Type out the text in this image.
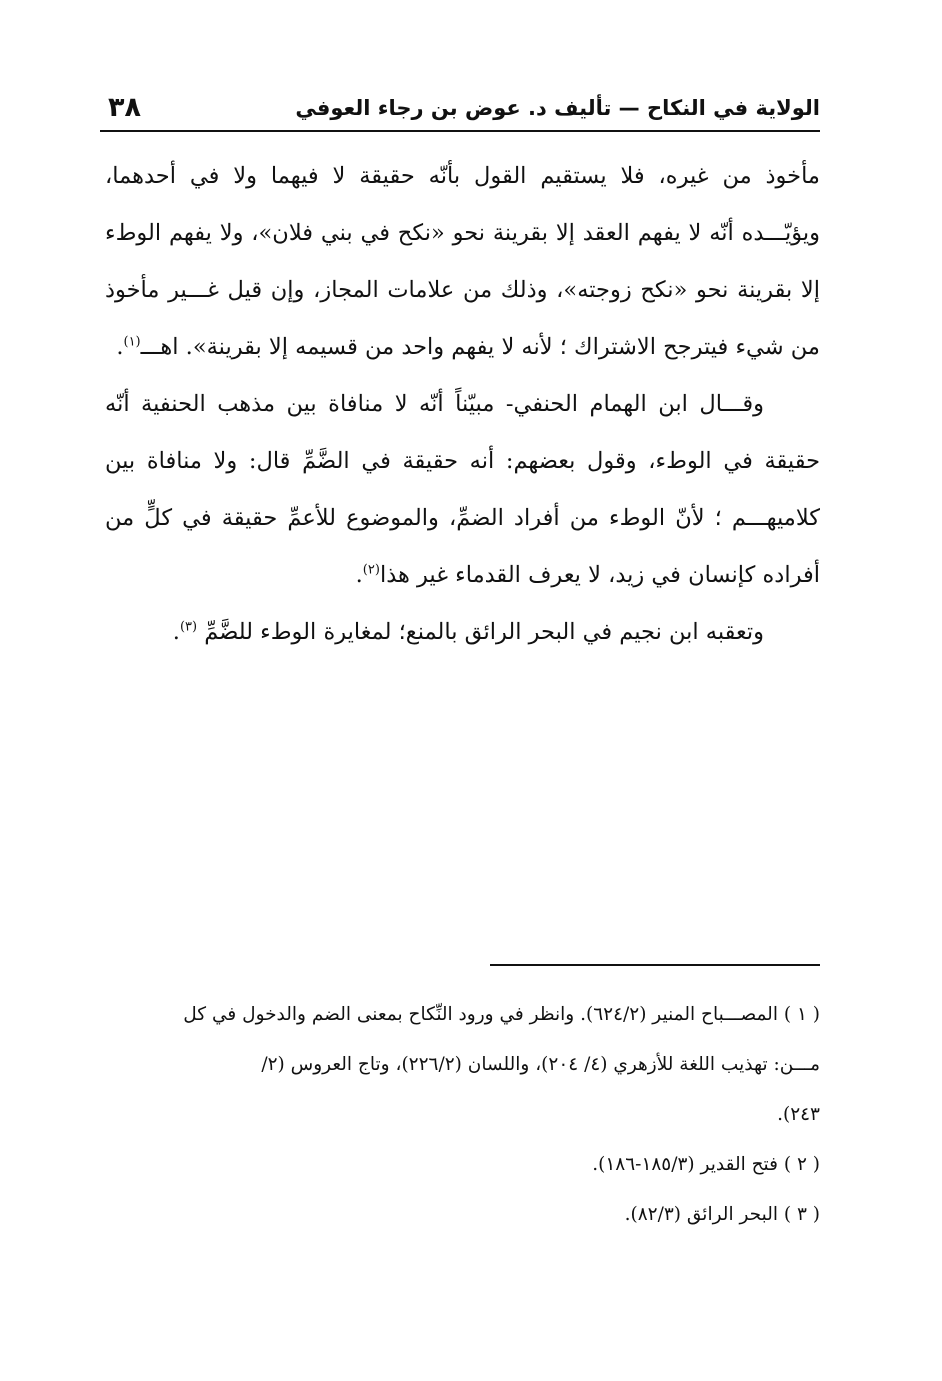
الولاية في النكاح — تأليف د. عوض بن رجاء العوفي
٣٨

مأخوذ من غيره، فلا يستقيم القول بأنّه حقيقة لا فيهما ولا في أحدهما، ويؤيّـــده أنّه لا يفهم العقد إلا بقرينة نحو «نكح في بني فلان»، ولا يفهم الوطء إلا بقرينة نحو «نكح زوجته»، وذلك من علامات المجاز، وإن قيل غـــير مأخوذ من شيء فيترجح الاشتراك ؛ لأنه لا يفهم واحد من قسيمه إلا بقرينة». اهـــ$^{(١)}$.

وقـــال ابن الهمام الحنفي- مبيّناً أنّه لا منافاة بين مذهب الحنفية أنّه حقيقة في الوطء، وقول بعضهم: أنه حقيقة في الضَّمِّ قال: ولا منافاة بين كلاميهـــم ؛ لأنّ الوطء من أفراد الضمِّ، والموضوع للأعمِّ حقيقة في كلٍّ من أفراده كإنسان في زيد، لا يعرف القدماء غير هذا$^{(٢)}$.

وتعقبه ابن نجيم في البحر الرائق بالمنع؛ لمغايرة الوطء للضَّمِّ $^{(٣)}$.

( ١ ) المصـــباح المنير (٦٢٤/٢). وانظر في ورود النِّكاح بمعنى الضم والدخول في كل

مـــن: تهذيب اللغة للأزهري (٤/ ٢٠٤)، واللسان (٢٢٦/٢)، وتاج العروس (٢/

٢٤٣).

( ٢ ) فتح القدير (١٨٥/٣-١٨٦).

( ٣ ) البحر الرائق (٨٢/٣).
